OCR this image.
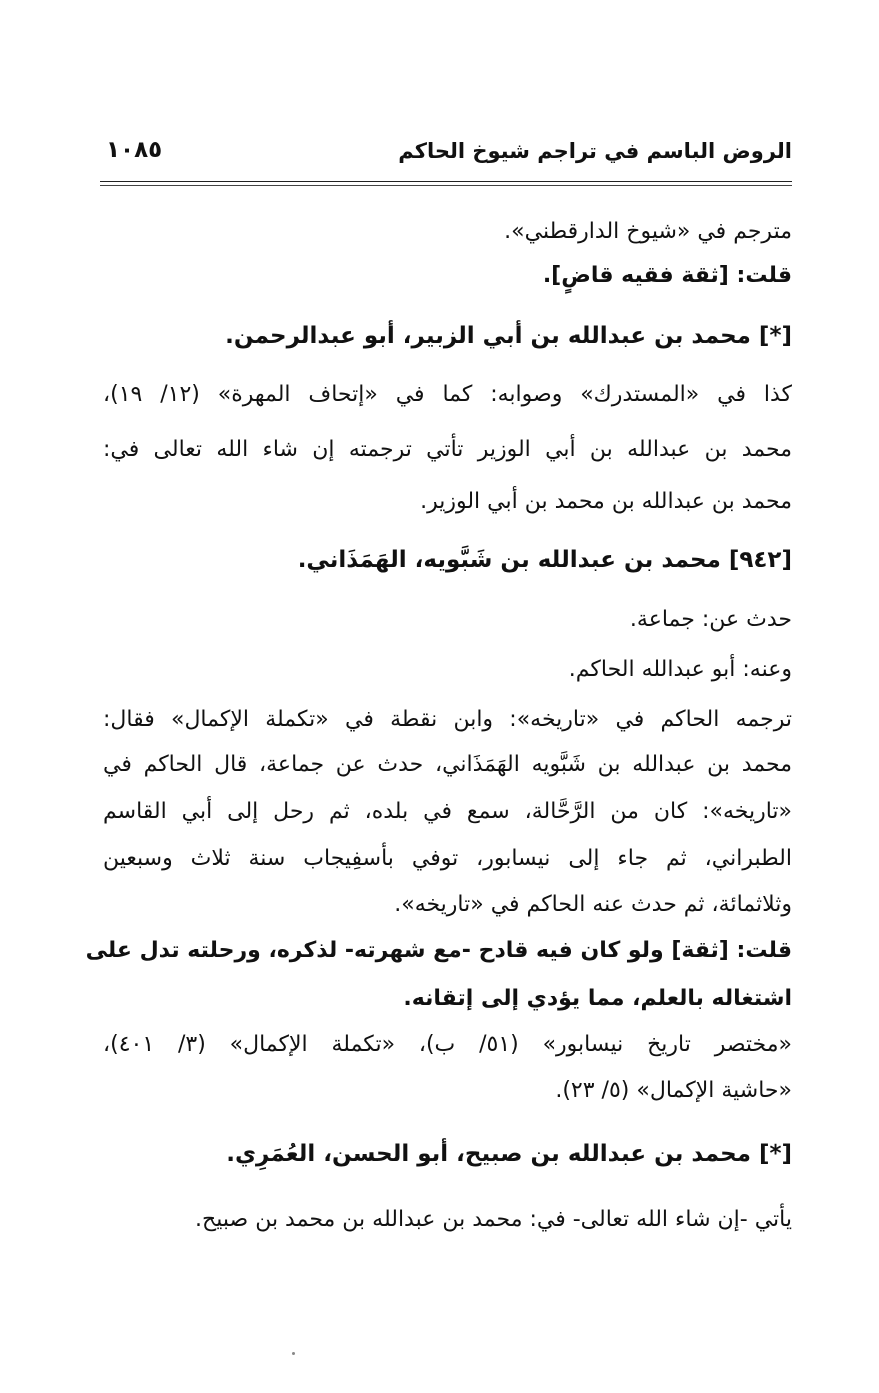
الروض الباسم في تراجم شيوخ الحاكم
١٠٨٥
مترجم في «شيوخ الدارقطني».
قلت: [ثقة فقيه قاضٍ].
[*] محمد بن عبدالله بن أبي الزبير، أبو عبدالرحمن.
كذا في «المستدرك» وصوابه: كما في «إتحاف المهرة» (١٢/ ١٩)،
محمد بن عبدالله بن أبي الوزير تأتي ترجمته إن شاء الله تعالى في:
محمد بن عبدالله بن محمد بن أبي الوزير.
[٩٤٢] محمد بن عبدالله بن شَبَّويه، الهَمَذَاني.
حدث عن: جماعة.
وعنه: أبو عبدالله الحاكم.
ترجمه الحاكم في «تاريخه»: وابن نقطة في «تكملة الإكمال» فقال:
محمد بن عبدالله بن شَبَّويه الهَمَذَاني، حدث عن جماعة، قال الحاكم في
«تاريخه»: كان من الرَّحَّالة، سمع في بلده، ثم رحل إلى أبي القاسم
الطبراني، ثم جاء إلى نيسابور، توفي بأسفِيجاب سنة ثلاث وسبعين
وثلاثمائة، ثم حدث عنه الحاكم في «تاريخه».
قلت: [ثقة] ولو كان فيه قادح -مع شهرته- لذكره، ورحلته تدل على
اشتغاله بالعلم، مما يؤدي إلى إتقانه.
«مختصر تاريخ نيسابور» (٥١/ ب)، «تكملة الإكمال» (٣/ ٤٠١)،
«حاشية الإكمال» (٥/ ٢٣).
[*] محمد بن عبدالله بن صبيح، أبو الحسن، العُمَرِي.
يأتي -إن شاء الله تعالى- في: محمد بن عبدالله بن محمد بن صبيح.
